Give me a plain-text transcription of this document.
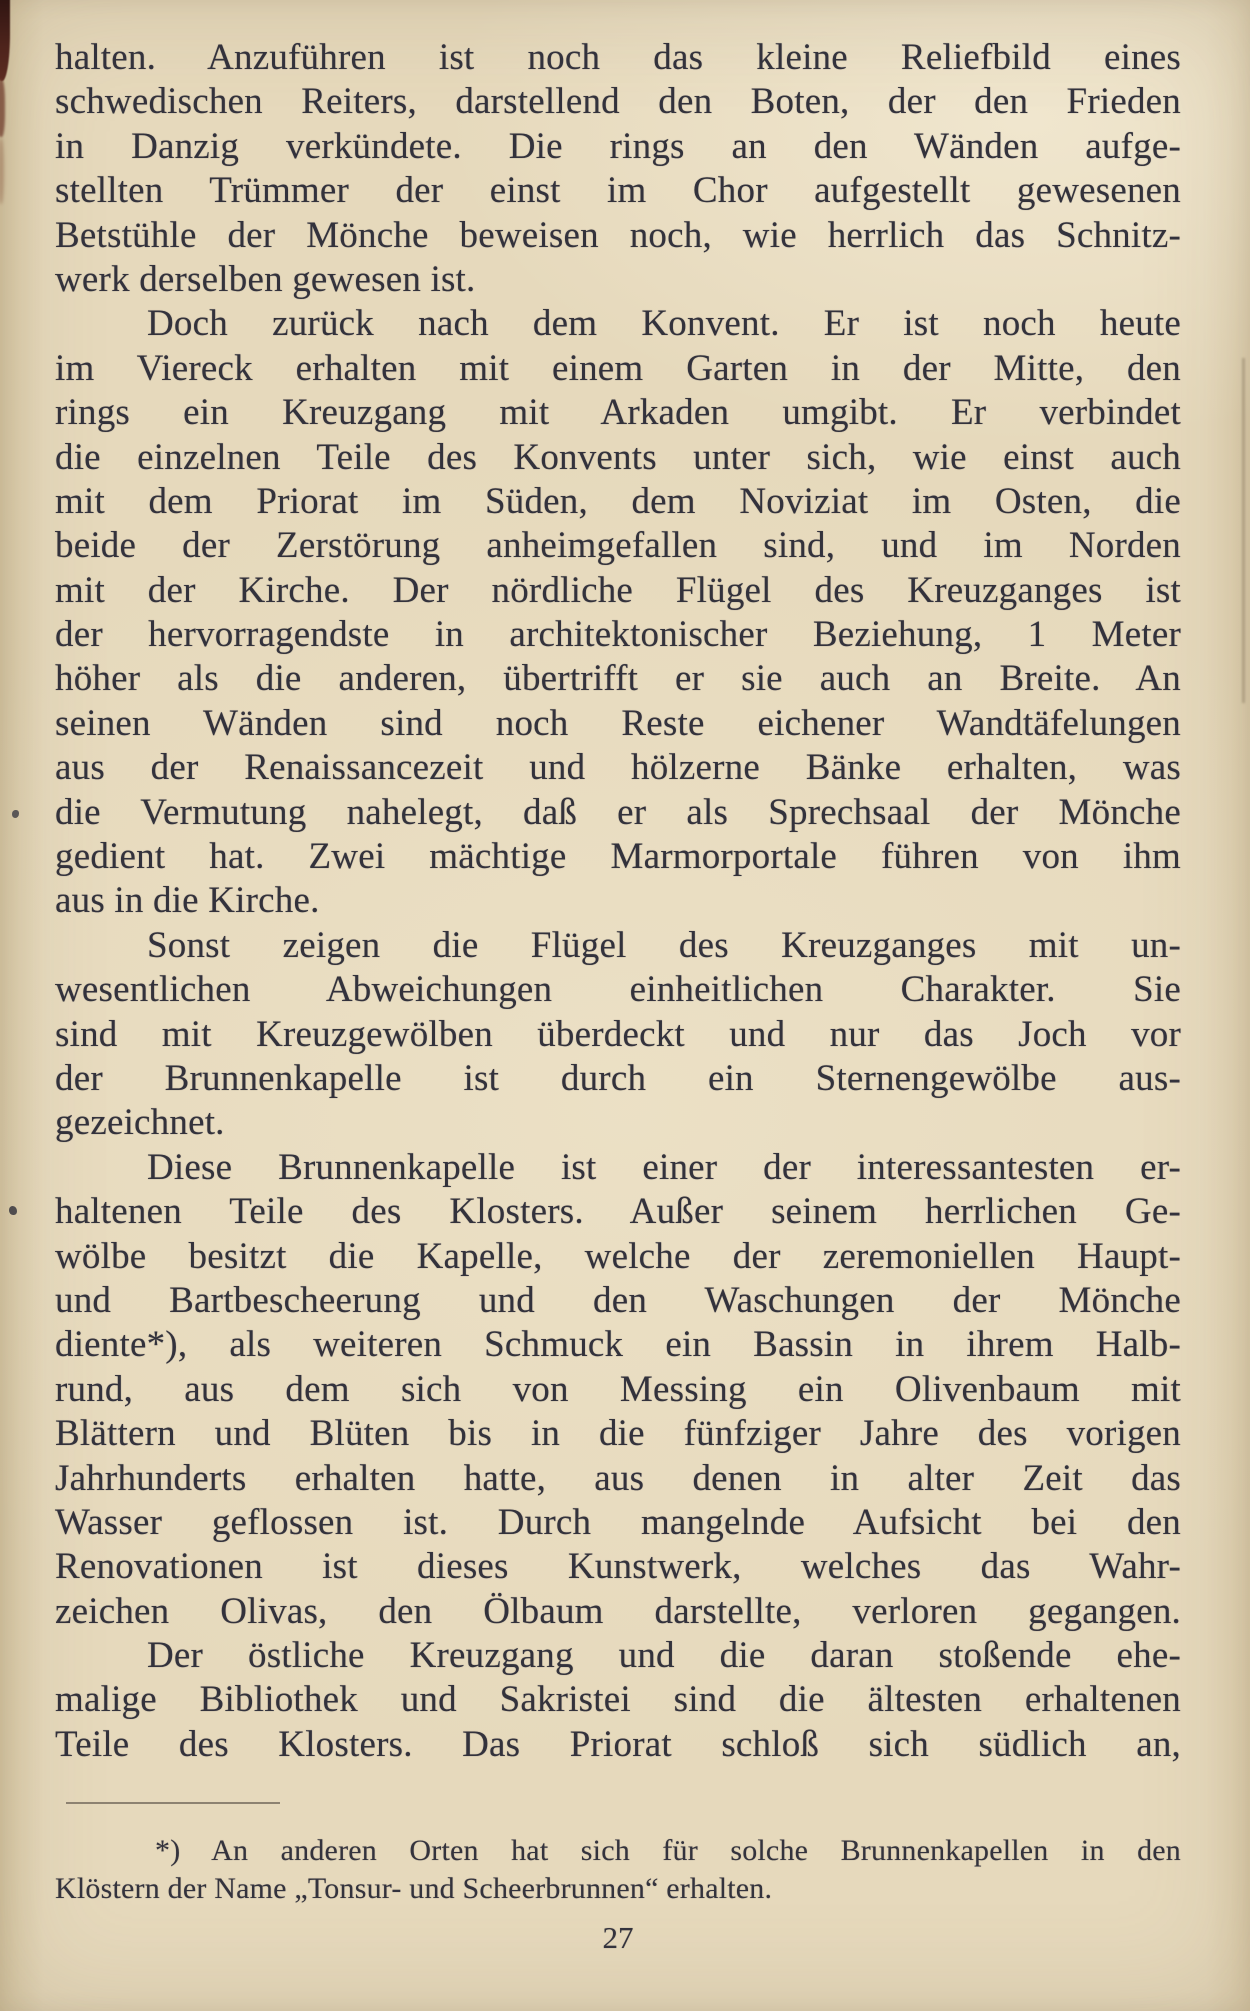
halten. Anzuführen ist noch das kleine Reliefbild eines
schwedischen Reiters, darstellend den Boten, der den Frieden
in Danzig verkündete. Die rings an den Wänden aufge-
stellten Trümmer der einst im Chor aufgestellt gewesenen
Betstühle der Mönche beweisen noch, wie herrlich das Schnitz-
werk derselben gewesen ist.
Doch zurück nach dem Konvent. Er ist noch heute
im Viereck erhalten mit einem Garten in der Mitte, den
rings ein Kreuzgang mit Arkaden umgibt. Er verbindet
die einzelnen Teile des Konvents unter sich, wie einst auch
mit dem Priorat im Süden, dem Noviziat im Osten, die
beide der Zerstörung anheimgefallen sind, und im Norden
mit der Kirche. Der nördliche Flügel des Kreuzganges ist
der hervorragendste in architektonischer Beziehung, 1 Meter
höher als die anderen, übertrifft er sie auch an Breite. An
seinen Wänden sind noch Reste eichener Wandtäfelungen
aus der Renaissancezeit und hölzerne Bänke erhalten, was
die Vermutung nahelegt, daß er als Sprechsaal der Mönche
gedient hat. Zwei mächtige Marmorportale führen von ihm
aus in die Kirche.
Sonst zeigen die Flügel des Kreuzganges mit un-
wesentlichen Abweichungen einheitlichen Charakter. Sie
sind mit Kreuzgewölben überdeckt und nur das Joch vor
der Brunnenkapelle ist durch ein Sternengewölbe aus-
gezeichnet.
Diese Brunnenkapelle ist einer der interessantesten er-
haltenen Teile des Klosters. Außer seinem herrlichen Ge-
wölbe besitzt die Kapelle, welche der zeremoniellen Haupt-
und Bartbescheerung und den Waschungen der Mönche
diente*), als weiteren Schmuck ein Bassin in ihrem Halb-
rund, aus dem sich von Messing ein Olivenbaum mit
Blättern und Blüten bis in die fünfziger Jahre des vorigen
Jahrhunderts erhalten hatte, aus denen in alter Zeit das
Wasser geflossen ist. Durch mangelnde Aufsicht bei den
Renovationen ist dieses Kunstwerk, welches das Wahr-
zeichen Olivas, den Ölbaum darstellte, verloren gegangen.
Der östliche Kreuzgang und die daran stoßende ehe-
malige Bibliothek und Sakristei sind die ältesten erhaltenen
Teile des Klosters. Das Priorat schloß sich südlich an,
*) An anderen Orten hat sich für solche Brunnenkapellen in den
Klöstern der Name „Tonsur- und Scheerbrunnen“ erhalten.
27
